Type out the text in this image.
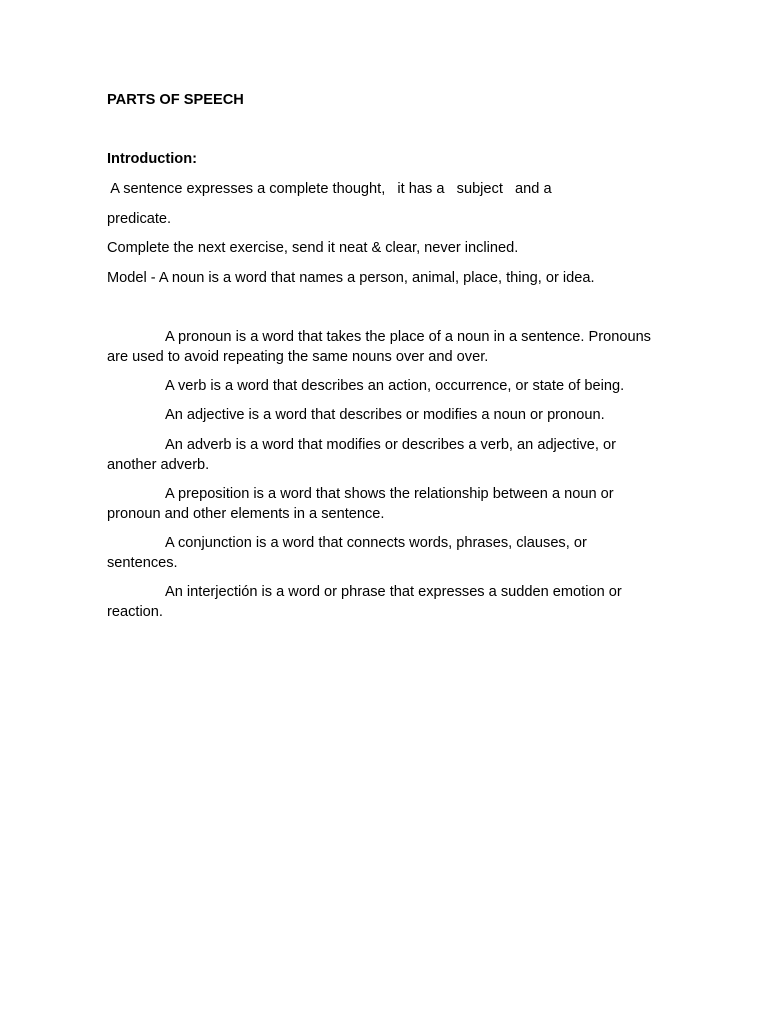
PARTS OF SPEECH
Introduction:
A sentence expresses a complete thought,   it has a   subject   and a
predicate.
Complete the next exercise, send it neat & clear, never inclined.
Model - A noun is a word that names a person, animal, place, thing, or idea.
A pronoun is a word that takes the place of a noun in a sentence. Pronouns are used to avoid repeating the same nouns over and over.
A verb is a word that describes an action, occurrence, or state of being.
An adjective is a word that describes or modifies a noun or pronoun.
An adverb is a word that modifies or describes a verb, an adjective, or another adverb.
A preposition is a word that shows the relationship between a noun or pronoun and other elements in a sentence.
A conjunction is a word that connects words, phrases, clauses, or sentences.
An interjectión is a word or phrase that expresses a sudden emotion or reaction.
